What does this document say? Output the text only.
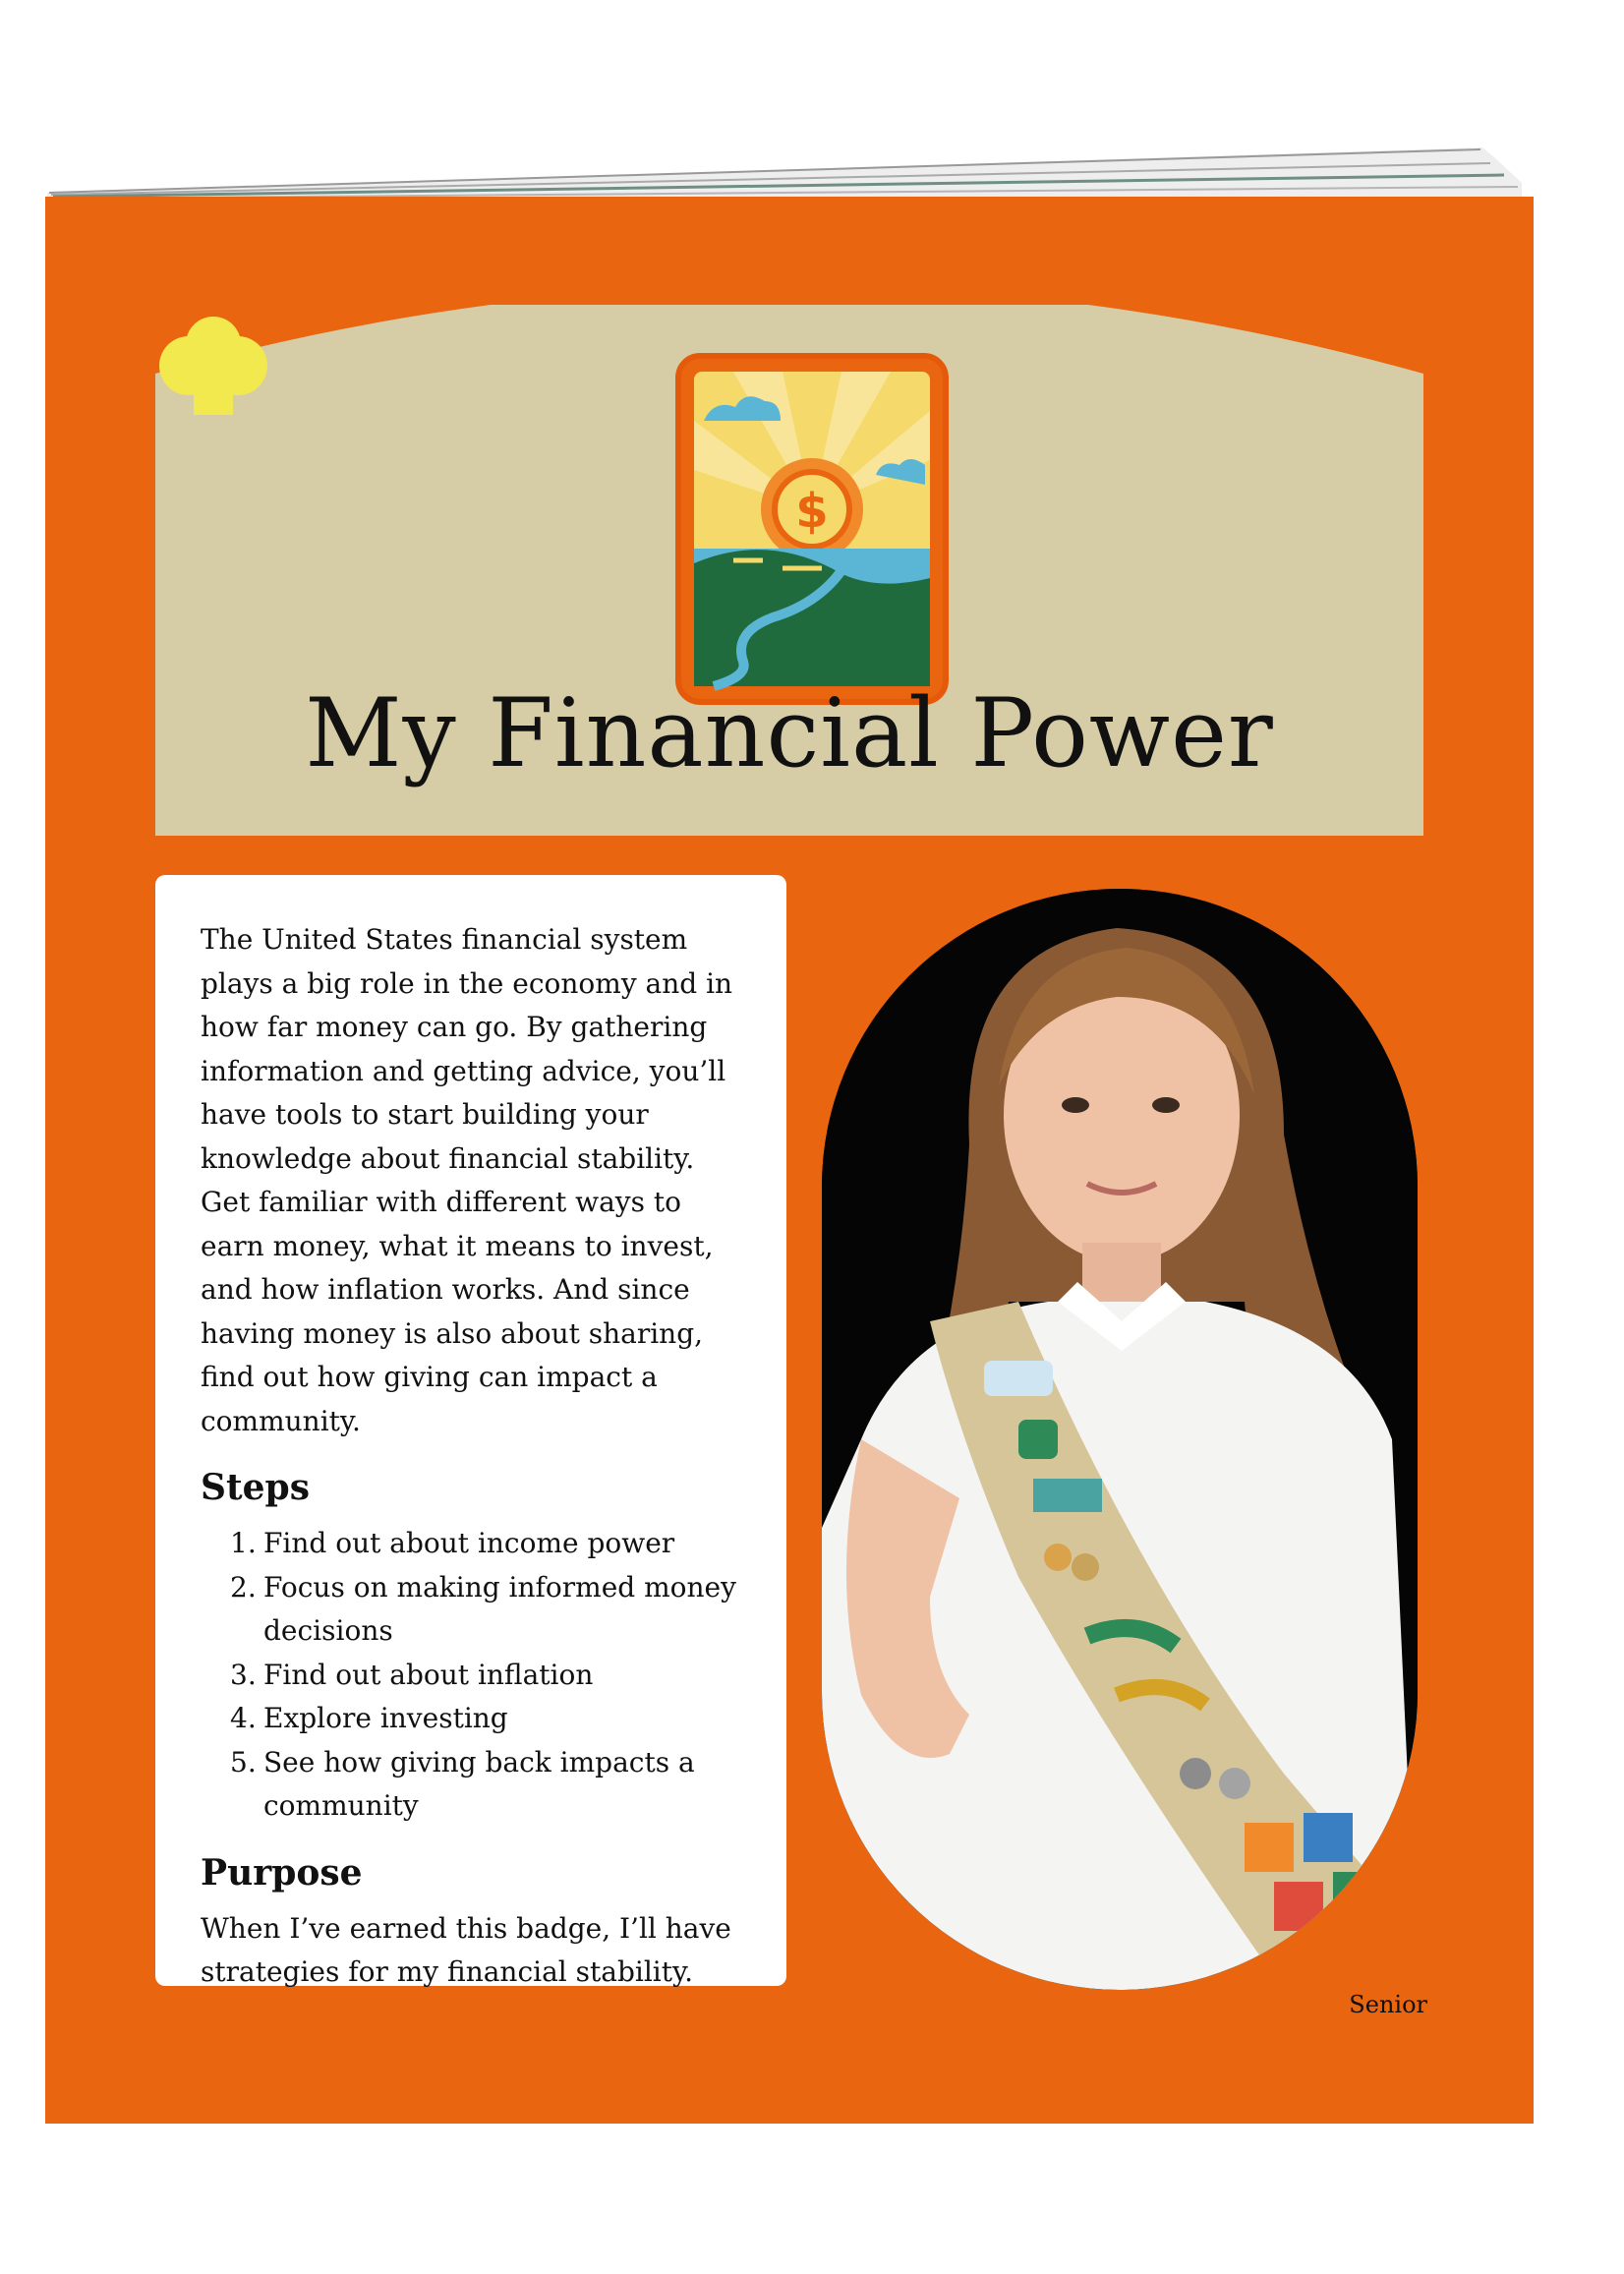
$
My Financial Power

The United States financial system plays a big role in the economy and in how far money can go. By gathering information and getting advice, you’ll have tools to start building your knowledge about financial stability. Get familiar with different ways to earn money, what it means to invest, and how inflation works. And since having money is also about sharing, find out how giving can impact a community.

Steps
1. Find out about income power
2. Focus on making informed money decisions
3. Find out about inflation
4. Explore investing
5. See how giving back impacts a community
Purpose

When I’ve earned this badge, I’ll have strategies for my financial stability.

Senior
